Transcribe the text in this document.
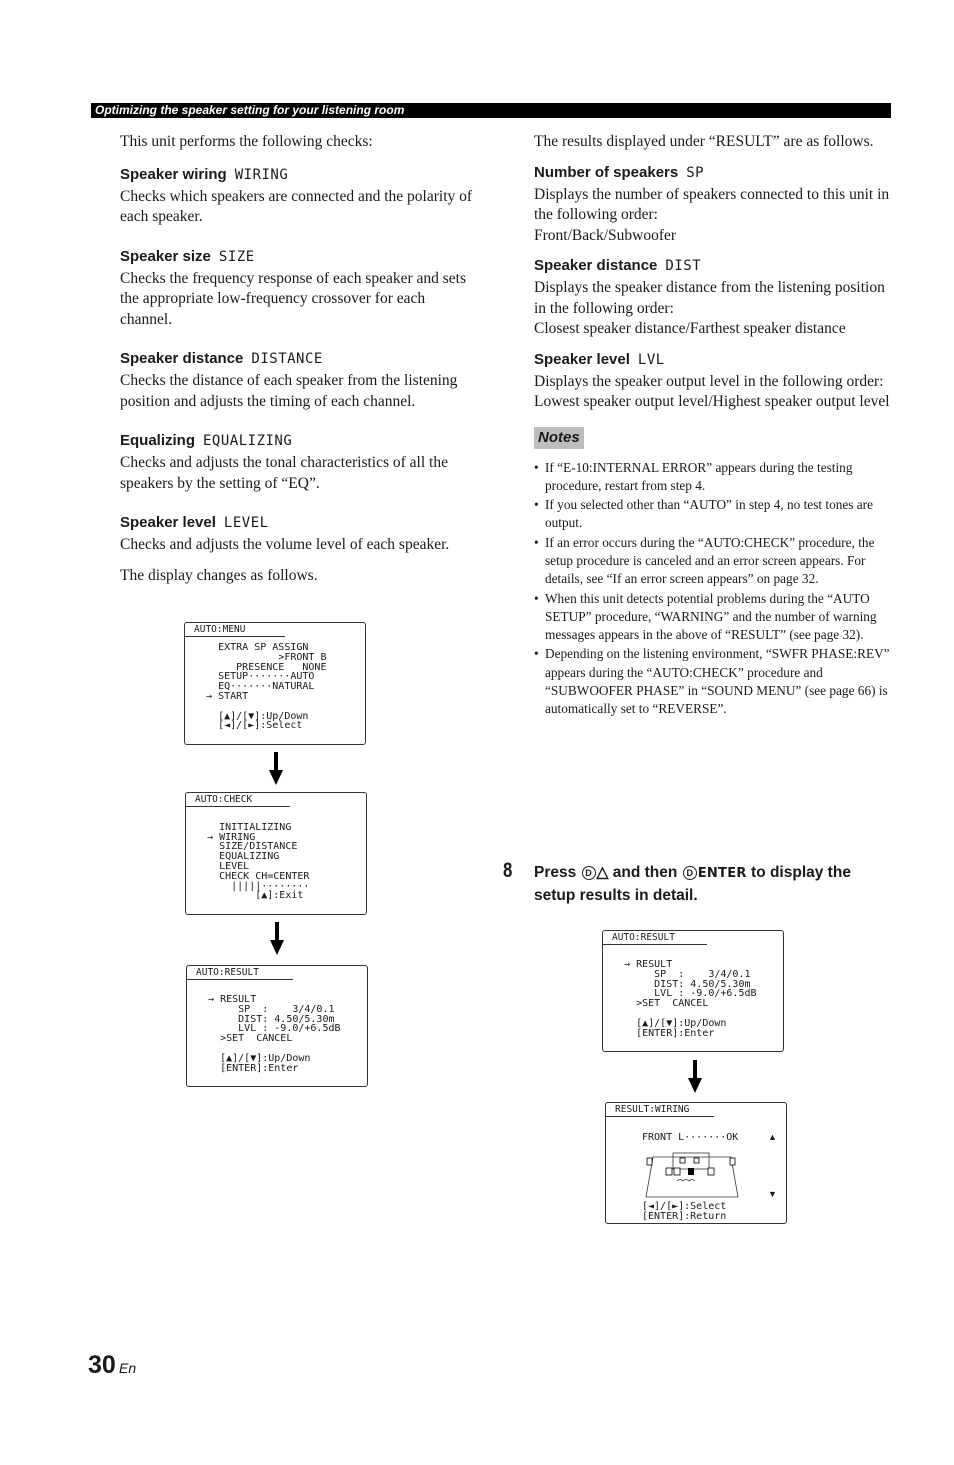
Optimizing the speaker setting for your listening room

This unit performs the following checks:

Speaker wiring WIRING

Checks which speakers are connected and the polarity of each speaker.

Speaker size SIZE

Checks the frequency response of each speaker and sets the appropriate low-frequency crossover for each channel.

Speaker distance DISTANCE

Checks the distance of each speaker from the listening position and adjusts the timing of each channel.

Equalizing EQUALIZING

Checks and adjusts the tonal characteristics of all the speakers by the setting of “EQ”.

Speaker level LEVEL

Checks and adjusts the volume level of each speaker.

The display changes as follows.

AUTO:MENU
EXTRA SP ASSIGN
>FRONT B
PRESENCE   NONE
SETUP·······AUTO
EQ·······NATURAL
→ START

[▲]/[▼]:Up/Down
[◄]/[►]:Select
AUTO:CHECK

INITIALIZING
→ WIRING
SIZE/DISTANCE
EQUALIZING
LEVEL
CHECK CH=CENTER
|||||········
[▲]:Exit
AUTO:RESULT
→ RESULT
SP  :    3/4/0.1
DIST: 4.50/5.30m
LVL : -9.0/+6.5dB
>SET  CANCEL

[▲]/[▼]:Up/Down
[ENTER]:Enter

The results displayed under “RESULT” are as follows.

Number of speakers SP

Displays the number of speakers connected to this unit in the following order:

Front/Back/Subwoofer

Speaker distance DIST

Displays the speaker distance from the listening position in the following order:

Closest speaker distance/Farthest speaker distance

Speaker level LVL

Displays the speaker output level in the following order:

Lowest speaker output level/Highest speaker output level

Notes
• If “E-10:INTERNAL ERROR” appears during the testing procedure, restart from step 4.
• If you selected other than “AUTO” in step 4, no test tones are output.
• If an error occurs during the “AUTO:CHECK” procedure, the setup procedure is canceled and an error screen appears. For details, see “If an error screen appears” on page 32.
• When this unit detects potential problems during the “AUTO SETUP” procedure, “WARNING” and the number of warning messages appears in the above of “RESULT” (see page 32).
• Depending on the listening environment, “SWFR PHASE:REV” appears during the “AUTO:CHECK” procedure and “SUBWOOFER PHASE” in “SOUND MENU” (see page 66) is automatically set to “REVERSE”.
8 Press D △ and then D ENTER to display the setup results in detail.
AUTO:RESULT
→ RESULT
SP  :    3/4/0.1
DIST: 4.50/5.30m
LVL : -9.0/+6.5dB
>SET  CANCEL

[▲]/[▼]:Up/Down
[ENTER]:Enter
RESULT:WIRING
FRONT L·······OK	▲
▼
[◄]/[►]:Select
[ENTER]:Return
30 En
